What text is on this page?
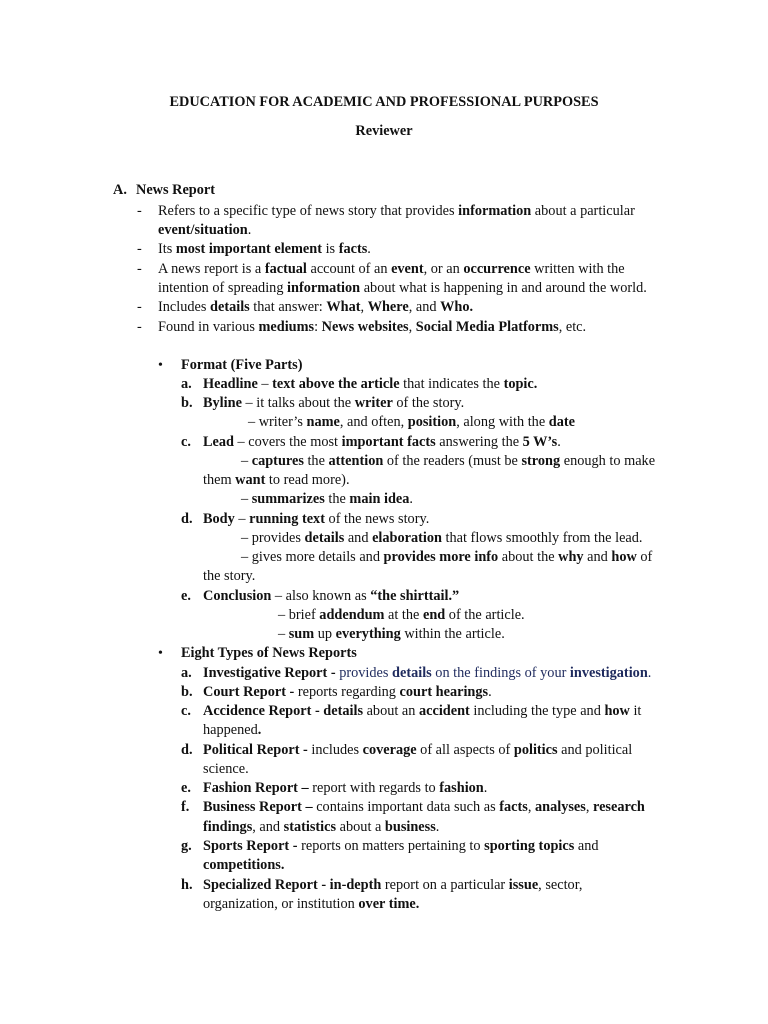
EDUCATION FOR ACADEMIC AND PROFESSIONAL PURPOSES
Reviewer
A. News Report
- Refers to a specific type of news story that provides information about a particular
event/situation.
- Its most important element is facts.
- A news report is a factual account of an event, or an occurrence written with the
intention of spreading information about what is happening in and around the world.
- Includes details that answer: What, Where, and Who.
- Found in various mediums: News websites, Social Media Platforms, etc.
• Format (Five Parts)
a. Headline – text above the article that indicates the topic.
b. Byline – it talks about the writer of the story.
– writer’s name, and often, position, along with the date
c. Lead – covers the most important facts answering the 5 W’s.
– captures the attention of the readers (must be strong enough to make
them want to read more).
– summarizes the main idea.
d. Body – running text of the news story.
– provides details and elaboration that flows smoothly from the lead.
– gives more details and provides more info about the why and how of
the story.
e. Conclusion – also known as “the shirttail.”
– brief addendum at the end of the article.
– sum up everything within the article.
• Eight Types of News Reports
a. Investigative Report - provides details on the findings of your investigation.
b. Court Report - reports regarding court hearings.
c. Accidence Report - details about an accident including the type and how it
happened.
d. Political Report - includes coverage of all aspects of politics and political
science.
e. Fashion Report – report with regards to fashion.
f. Business Report – contains important data such as facts, analyses, research
findings, and statistics about a business.
g. Sports Report - reports on matters pertaining to sporting topics and
competitions.
h. Specialized Report - in-depth report on a particular issue, sector,
organization, or institution over time.
